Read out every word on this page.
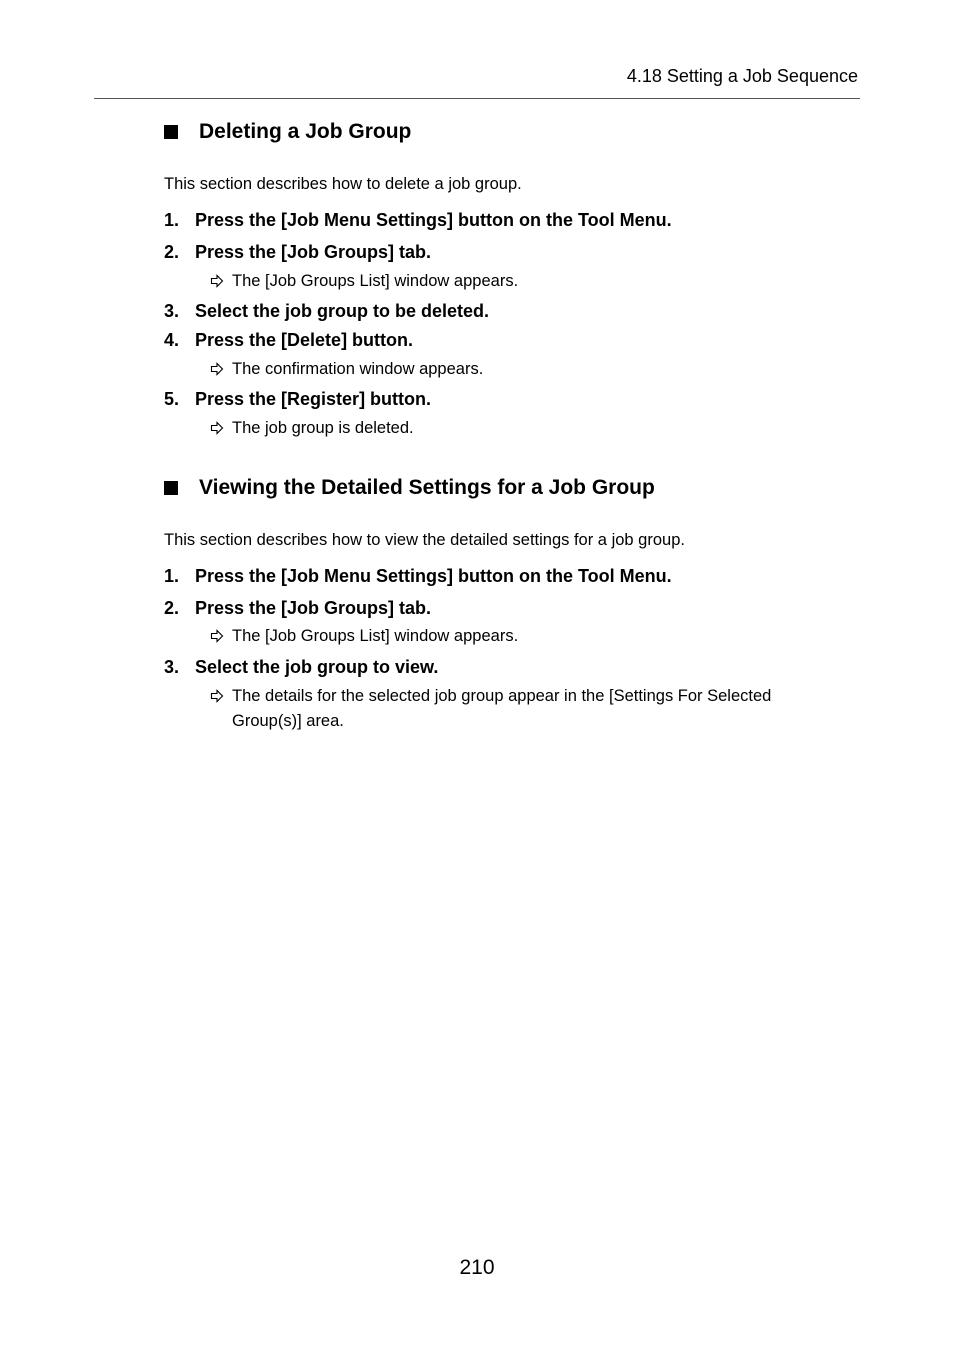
4.18 Setting a Job Sequence
Deleting a Job Group
This section describes how to delete a job group.
1. Press the [Job Menu Settings] button on the Tool Menu.
2. Press the [Job Groups] tab.
The [Job Groups List] window appears.
3. Select the job group to be deleted.
4. Press the [Delete] button.
The confirmation window appears.
5. Press the [Register] button.
The job group is deleted.
Viewing the Detailed Settings for a Job Group
This section describes how to view the detailed settings for a job group.
1. Press the [Job Menu Settings] button on the Tool Menu.
2. Press the [Job Groups] tab.
The [Job Groups List] window appears.
3. Select the job group to view.
The details for the selected job group appear in the [Settings For Selected Group(s)] area.
210
